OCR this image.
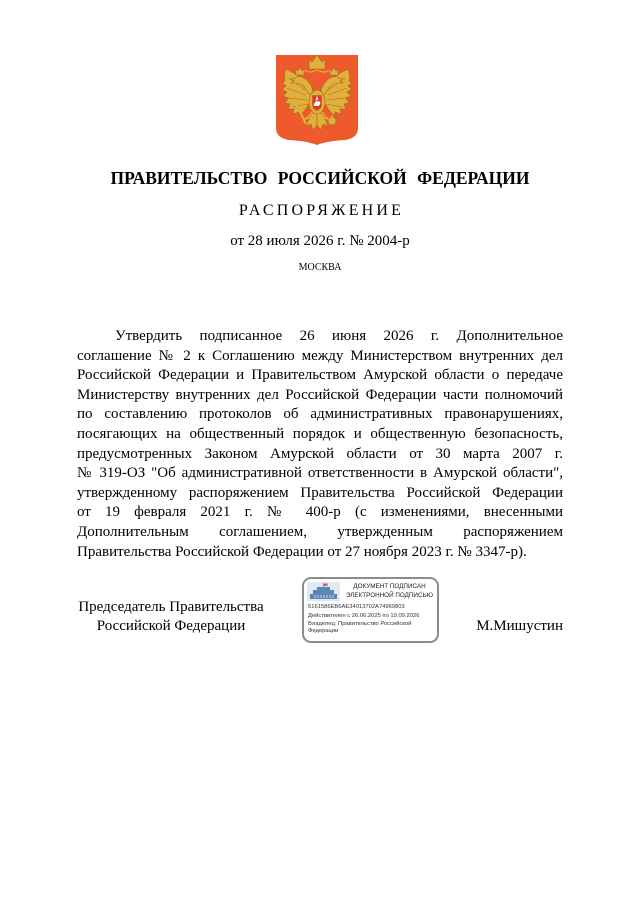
ПРАВИТЕЛЬСТВО РОССИЙСКОЙ ФЕДЕРАЦИИ
РАСПОРЯЖЕНИЕ
от 28 июля 2026 г. № 2004-р
МОСКВА
Утвердить подписанное 26 июня 2026 г. Дополнительное
соглашение № 2 к Соглашению между Министерством внутренних дел
Российской Федерации и Правительством Амурской области о передаче
Министерству внутренних дел Российской Федерации части полномочий
по составлению протоколов об административных правонарушениях,
посягающих на общественный порядок и общественную безопасность,
предусмотренных Законом Амурской области от 30 марта 2007 г.
№ 319-ОЗ "Об административной ответственности в Амурской области",
утвержденному распоряжением Правительства Российской Федерации
от 19 февраля 2021 г. № 400-р (с изменениями, внесенными
Дополнительным соглашением, утвержденным распоряжением
Правительства Российской Федерации от 27 ноября 2023 г. № 3347-р).
Председатель Правительства
Российской Федерации
ДОКУМЕНТ ПОДПИСАН
ЭЛЕКТРОННОЙ ПОДПИСЬЮ
5161586EB6AE34013702A74969803
Действителен с 26.06.2025 по 19.09.2026
Владелец: Правительство Российской
Федерации	М.Мишустин
